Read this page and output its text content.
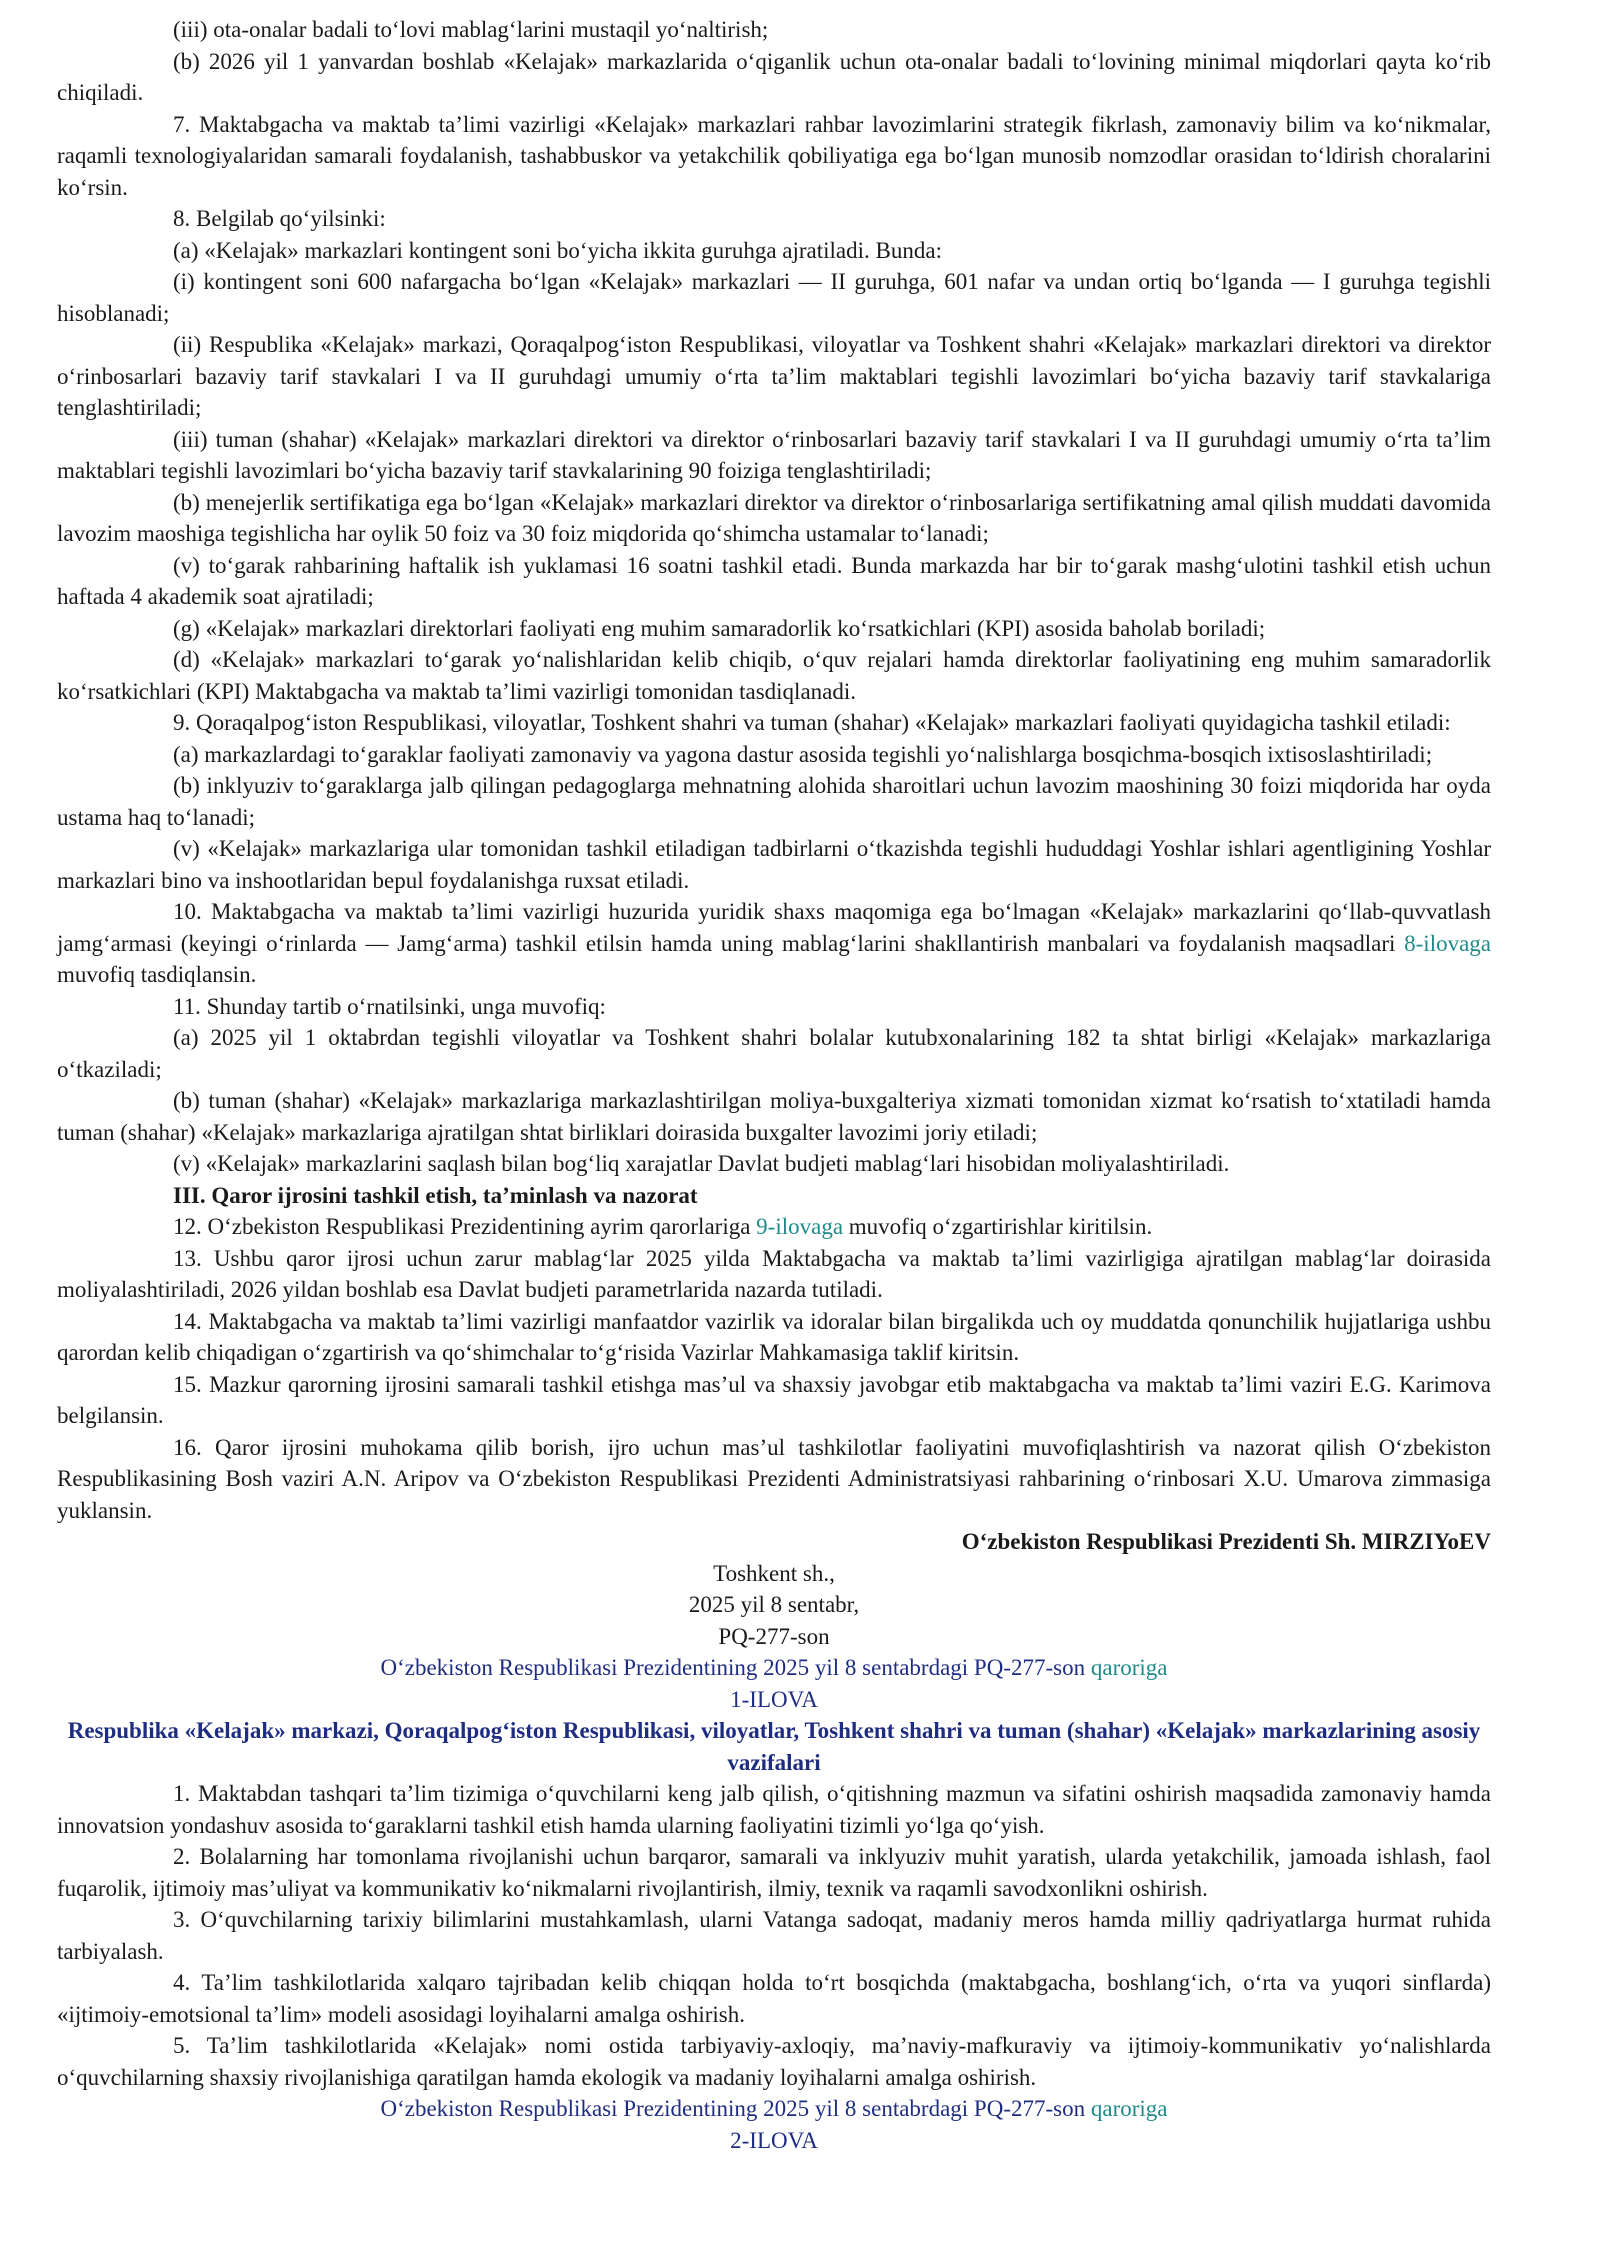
(iii) ota-onalar badali toʻlovi mablagʻlarini mustaqil yoʻnaltirish;

(b) 2026 yil 1 yanvardan boshlab «Kelajak» markazlarida oʻqiganlik uchun ota-onalar badali toʻlovining minimal miqdorlari qayta koʻrib chiqiladi.

7. Maktabgacha va maktab taʼlimi vazirligi «Kelajak» markazlari rahbar lavozimlarini strategik fikrlash, zamonaviy bilim va koʻnikmalar, raqamli texnologiyalaridan samarali foydalanish, tashabbuskor va yetakchilik qobiliyatiga ega boʻlgan munosib nomzodlar orasidan toʻldirish choralarini koʻrsin.

8. Belgilab qoʻyilsinki:

(a) «Kelajak» markazlari kontingent soni boʻyicha ikkita guruhga ajratiladi. Bunda:

(i) kontingent soni 600 nafargacha boʻlgan «Kelajak» markazlari — II guruhga, 601 nafar va undan ortiq boʻlganda — I guruhga tegishli hisoblanadi;

(ii) Respublika «Kelajak» markazi, Qoraqalpogʻiston Respublikasi, viloyatlar va Toshkent shahri «Kelajak» markazlari direktori va direktor oʻrinbosarlari bazaviy tarif stavkalari I va II guruhdagi umumiy oʻrta taʼlim maktablari tegishli lavozimlari boʻyicha bazaviy tarif stavkalariga tenglashtiriladi;

(iii) tuman (shahar) «Kelajak» markazlari direktori va direktor oʻrinbosarlari bazaviy tarif stavkalari I va II guruhdagi umumiy oʻrta taʼlim maktablari tegishli lavozimlari boʻyicha bazaviy tarif stavkalarining 90 foiziga tenglashtiriladi;

(b) menejerlik sertifikatiga ega boʻlgan «Kelajak» markazlari direktor va direktor oʻrinbosarlariga sertifikatning amal qilish muddati davomida lavozim maoshiga tegishlicha har oylik 50 foiz va 30 foiz miqdorida qoʻshimcha ustamalar toʻlanadi;

(v) toʻgarak rahbarining haftalik ish yuklamasi 16 soatni tashkil etadi. Bunda markazda har bir toʻgarak mashgʻulotini tashkil etish uchun haftada 4 akademik soat ajratiladi;

(g) «Kelajak» markazlari direktorlari faoliyati eng muhim samaradorlik koʻrsatkichlari (KPI) asosida baholab boriladi;

(d) «Kelajak» markazlari toʻgarak yoʻnalishlaridan kelib chiqib, oʻquv rejalari hamda direktorlar faoliyatining eng muhim samaradorlik koʻrsatkichlari (KPI) Maktabgacha va maktab taʼlimi vazirligi tomonidan tasdiqlanadi.

9. Qoraqalpogʻiston Respublikasi, viloyatlar, Toshkent shahri va tuman (shahar) «Kelajak» markazlari faoliyati quyidagicha tashkil etiladi:

(a) markazlardagi toʻgaraklar faoliyati zamonaviy va yagona dastur asosida tegishli yoʻnalishlarga bosqichma-bosqich ixtisoslashtiriladi;

(b) inklyuziv toʻgaraklarga jalb qilingan pedagoglarga mehnatning alohida sharoitlari uchun lavozim maoshining 30 foizi miqdorida har oyda ustama haq toʻlanadi;

(v) «Kelajak» markazlariga ular tomonidan tashkil etiladigan tadbirlarni oʻtkazishda tegishli hududdagi Yoshlar ishlari agentligining Yoshlar markazlari bino va inshootlaridan bepul foydalanishga ruxsat etiladi.

10. Maktabgacha va maktab taʼlimi vazirligi huzurida yuridik shaxs maqomiga ega boʻlmagan «Kelajak» markazlarini qoʻllab-quvvatlash jamgʻarmasi (keyingi oʻrinlarda — Jamgʻarma) tashkil etilsin hamda uning mablagʻlarini shakllantirish manbalari va foydalanish maqsadlari 8-ilovaga muvofiq tasdiqlansin.

11. Shunday tartib oʻrnatilsinki, unga muvofiq:

(a) 2025 yil 1 oktabrdan tegishli viloyatlar va Toshkent shahri bolalar kutubxonalarining 182 ta shtat birligi «Kelajak» markazlariga oʻtkaziladi;

(b) tuman (shahar) «Kelajak» markazlariga markazlashtirilgan moliya-buxgalteriya xizmati tomonidan xizmat koʻrsatish toʻxtatiladi hamda tuman (shahar) «Kelajak» markazlariga ajratilgan shtat birliklari doirasida buxgalter lavozimi joriy etiladi;

(v) «Kelajak» markazlarini saqlash bilan bogʻliq xarajatlar Davlat budjeti mablagʻlari hisobidan moliyalashtiriladi.

III. Qaror ijrosini tashkil etish, taʼminlash va nazorat

12. Oʻzbekiston Respublikasi Prezidentining ayrim qarorlariga 9-ilovaga muvofiq oʻzgartirishlar kiritilsin.

13. Ushbu qaror ijrosi uchun zarur mablagʻlar 2025 yilda Maktabgacha va maktab taʼlimi vazirligiga ajratilgan mablagʻlar doirasida moliyalashtiriladi, 2026 yildan boshlab esa Davlat budjeti parametrlarida nazarda tutiladi.

14. Maktabgacha va maktab taʼlimi vazirligi manfaatdor vazirlik va idoralar bilan birgalikda uch oy muddatda qonunchilik hujjatlariga ushbu qarordan kelib chiqadigan oʻzgartirish va qoʻshimchalar toʻgʻrisida Vazirlar Mahkamasiga taklif kiritsin.

15. Mazkur qarorning ijrosini samarali tashkil etishga masʼul va shaxsiy javobgar etib maktabgacha va maktab taʼlimi vaziri E.G. Karimova belgilansin.

16. Qaror ijrosini muhokama qilib borish, ijro uchun masʼul tashkilotlar faoliyatini muvofiqlashtirish va nazorat qilish Oʻzbekiston Respublikasining Bosh vaziri A.N. Aripov va Oʻzbekiston Respublikasi Prezidenti Administratsiyasi rahbarining oʻrinbosari X.U. Umarova zimmasiga yuklansin.

Oʻzbekiston Respublikasi Prezidenti Sh. MIRZIYoEV

Toshkent sh.,

2025 yil 8 sentabr,

PQ-277-son

Oʻzbekiston Respublikasi Prezidentining 2025 yil 8 sentabrdagi PQ-277-son qaroriga

1-ILOVA

Respublika «Kelajak» markazi, Qoraqalpogʻiston Respublikasi, viloyatlar, Toshkent shahri va tuman (shahar) «Kelajak» markazlarining asosiy vazifalari

1. Maktabdan tashqari taʼlim tizimiga oʻquvchilarni keng jalb qilish, oʻqitishning mazmun va sifatini oshirish maqsadida zamonaviy hamda innovatsion yondashuv asosida toʻgaraklarni tashkil etish hamda ularning faoliyatini tizimli yoʻlga qoʻyish.

2. Bolalarning har tomonlama rivojlanishi uchun barqaror, samarali va inklyuziv muhit yaratish, ularda yetakchilik, jamoada ishlash, faol fuqarolik, ijtimoiy masʼuliyat va kommunikativ koʻnikmalarni rivojlantirish, ilmiy, texnik va raqamli savodxonlikni oshirish.

3. Oʻquvchilarning tarixiy bilimlarini mustahkamlash, ularni Vatanga sadoqat, madaniy meros hamda milliy qadriyatlarga hurmat ruhida tarbiyalash.

4. Taʼlim tashkilotlarida xalqaro tajribadan kelib chiqqan holda toʻrt bosqichda (maktabgacha, boshlangʻich, oʻrta va yuqori sinflarda) «ijtimoiy-emotsional taʼlim» modeli asosidagi loyihalarni amalga oshirish.

5. Taʼlim tashkilotlarida «Kelajak» nomi ostida tarbiyaviy-axloqiy, maʼnaviy-mafkuraviy va ijtimoiy-kommunikativ yoʻnalishlarda oʻquvchilarning shaxsiy rivojlanishiga qaratilgan hamda ekologik va madaniy loyihalarni amalga oshirish.

Oʻzbekiston Respublikasi Prezidentining 2025 yil 8 sentabrdagi PQ-277-son qaroriga

2-ILOVA
